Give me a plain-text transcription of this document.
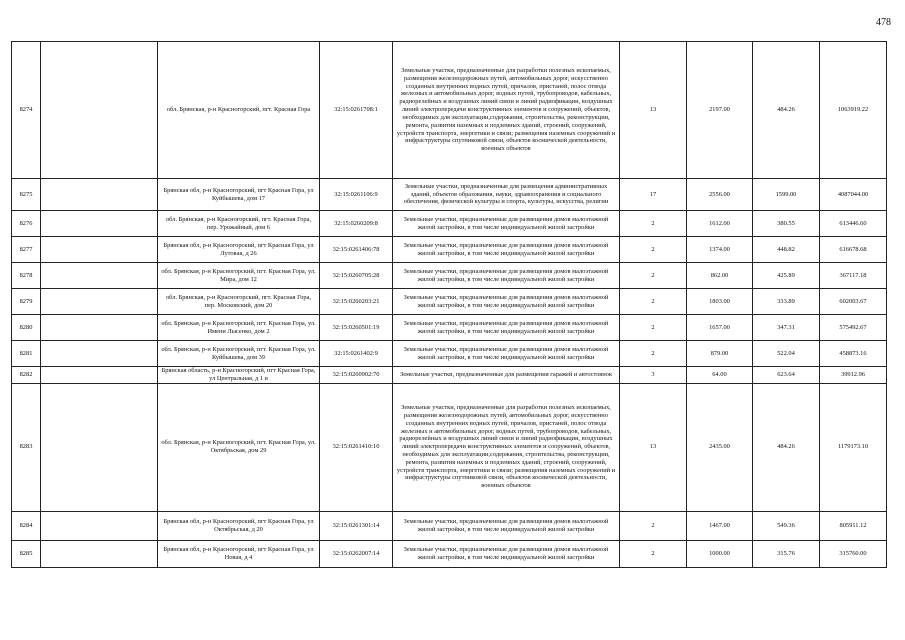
478
8274		обл. Брянская, р-н Красногорский, пгт. Красная Гора	32:15:0261708:1	Земельные участки, предназначенные для разработки полезных ископаемых, размещения железнодорожных путей, автомобильных дорог, искусственно созданных внутренних водных путей, причалов, пристаней, полос отвода железных и автомобильных дорог, водных путей, трубопроводов, кабельных, радиорелейных и воздушных линий связи и линий радиофикации, воздушных линий электропередачи конструктивных элементов и сооружений, объектов, необходимых для эксплуатации,содержания, строительства, реконструкции, ремонта, развития наземных и подземных зданий, строений, сооружений, устройств транспорта, энергетики и связи; размещения наземных сооружений и инфраструктуры спутниковой связи, объектов космической деятельности, военных объектов	13	2197.00	484.26	1063919.22
8275		Брянская обл, р-н Красногорский, пгт Красная Гора, ул Куйбышева, дом 17	32:15:0261106:9	Земельные участки, предназначенные для размещения административных зданий, объектов образования, науки, здравоохранения и социального обеспечения, физической культуры и спорта, культуры, искусства, религии	17	2556.00	1599.00	4087044.00
8276		обл. Брянская, р-н Красногорский, пгт. Красная Гора, пер. Урожайный, дом 6	32:15:0260209:8	Земельные участки, предназначенные для размещения домов малоэтажной жилой застройки, в том числе индивидуальной жилой застройки	2	1612.00	380.55	613446.60
8277		Брянская обл, р-н Красногорский, пгт Красная Гора, ул Лутовая, д 26	32:15:0261406:78	Земельные участки, предназначенные для размещения домов малоэтажной жилой застройки, в том числе индивидуальной жилой застройки	2	1374.00	448.82	616678.68
8278		обл. Брянская, р-н Красногорский, пгт. Красная Гора, ул. Мира, дом 12	32:15:0260705:28	Земельные участки, предназначенные для размещения домов малоэтажной жилой застройки, в том числе индивидуальной жилой застройки	2	862.00	425.89	367117.18
8279		обл. Брянская, р-н Красногорский, пгт. Красная Гора, пер. Московский, дом 20	32:15:0260203:21	Земельные участки, предназначенные для размещения домов малоэтажной жилой застройки, в том числе индивидуальной жилой застройки	2	1803.00	333.89	602003.67
8280		обл. Брянская, р-н Красногорский, пгт. Красная Гора, ул. Имени Лысенко, дом 2	32:15:0260501:19	Земельные участки, предназначенные для размещения домов малоэтажной жилой застройки, в том числе индивидуальной жилой застройки	2	1657.00	347.31	575492.67
8281		обл. Брянская, р-н Красногорский, пгт. Красная Гора, ул. Куйбышева, дом 39	32:15:0261402:9	Земельные участки, предназначенные для размещения домов малоэтажной жилой застройки, в том числе индивидуальной жилой застройки	2	879.00	522.04	458873.16
8282		Брянская область, р-н Красногорский, пгт Красная Гора, ул Центральная, д 1 в	32:15:0260902:70	Земельные участки, предназначенные для размещения гаражей и автостоянок	3	64.00	623.64	39912.96
8283		обл. Брянская, р-н Красногорский, пгт. Красная Гора, ул. Октябрьская, дом 29	32:15:0261410:10	Земельные участки, предназначенные для разработки полезных ископаемых, размещения железнодорожных путей, автомобильных дорог, искусственно созданных внутренних водных путей, причалов, пристаней, полос отвода железных и автомобильных дорог, водных путей, трубопроводов, кабельных, радиорелейных и воздушных линий связи и линий радиофикации, воздушных линий электропередачи конструктивных элементов и сооружений, объектов, необходимых для эксплуатации,содержания, строительства, реконструкции, ремонта, развития наземных и подземных зданий, строений, сооружений, устройств транспорта, энергетики и связи; размещения наземных сооружений и инфраструктуры спутниковой связи, объектов космической деятельности, военных объектов	13	2435.00	484.26	1179173.10
8284		Брянская обл, р-н Красногорский, пгт Красная Гора, ул Октябрьская, д 20	32:15:0261301:14	Земельные участки, предназначенные для размещения домов малоэтажной жилой застройки, в том числе индивидуальной жилой застройки	2	1467.00	549.36	805911.12
8285		Брянская обл, р-н Красногорский, пгт Красная Гора, ул Новая, д 4	32:15:0262007:14	Земельные участки, предназначенные для размещения домов малоэтажной жилой застройки, в том числе индивидуальной жилой застройки	2	1000.00	315.76	315760.00
